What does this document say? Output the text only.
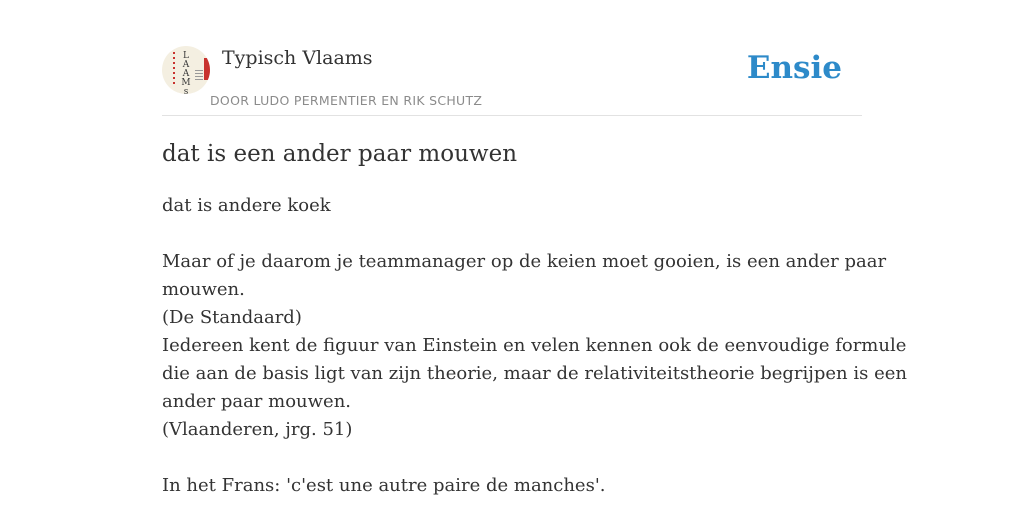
L
A
A
M
s
Typisch Vlaams
DOOR LUDO PERMENTIER EN RIK SCHUTZ
Ensie
dat is een ander paar mouwen

dat is andere koek

Maar of je daarom je teammanager op de keien moet gooien, is een ander paar

mouwen.

(De Standaard)

Iedereen kent de figuur van Einstein en velen kennen ook de eenvoudige formule

die aan de basis ligt van zijn theorie, maar de relativiteitstheorie begrijpen is een

ander paar mouwen.

(Vlaanderen, jrg. 51)

In het Frans: 'c'est une autre paire de manches'.
